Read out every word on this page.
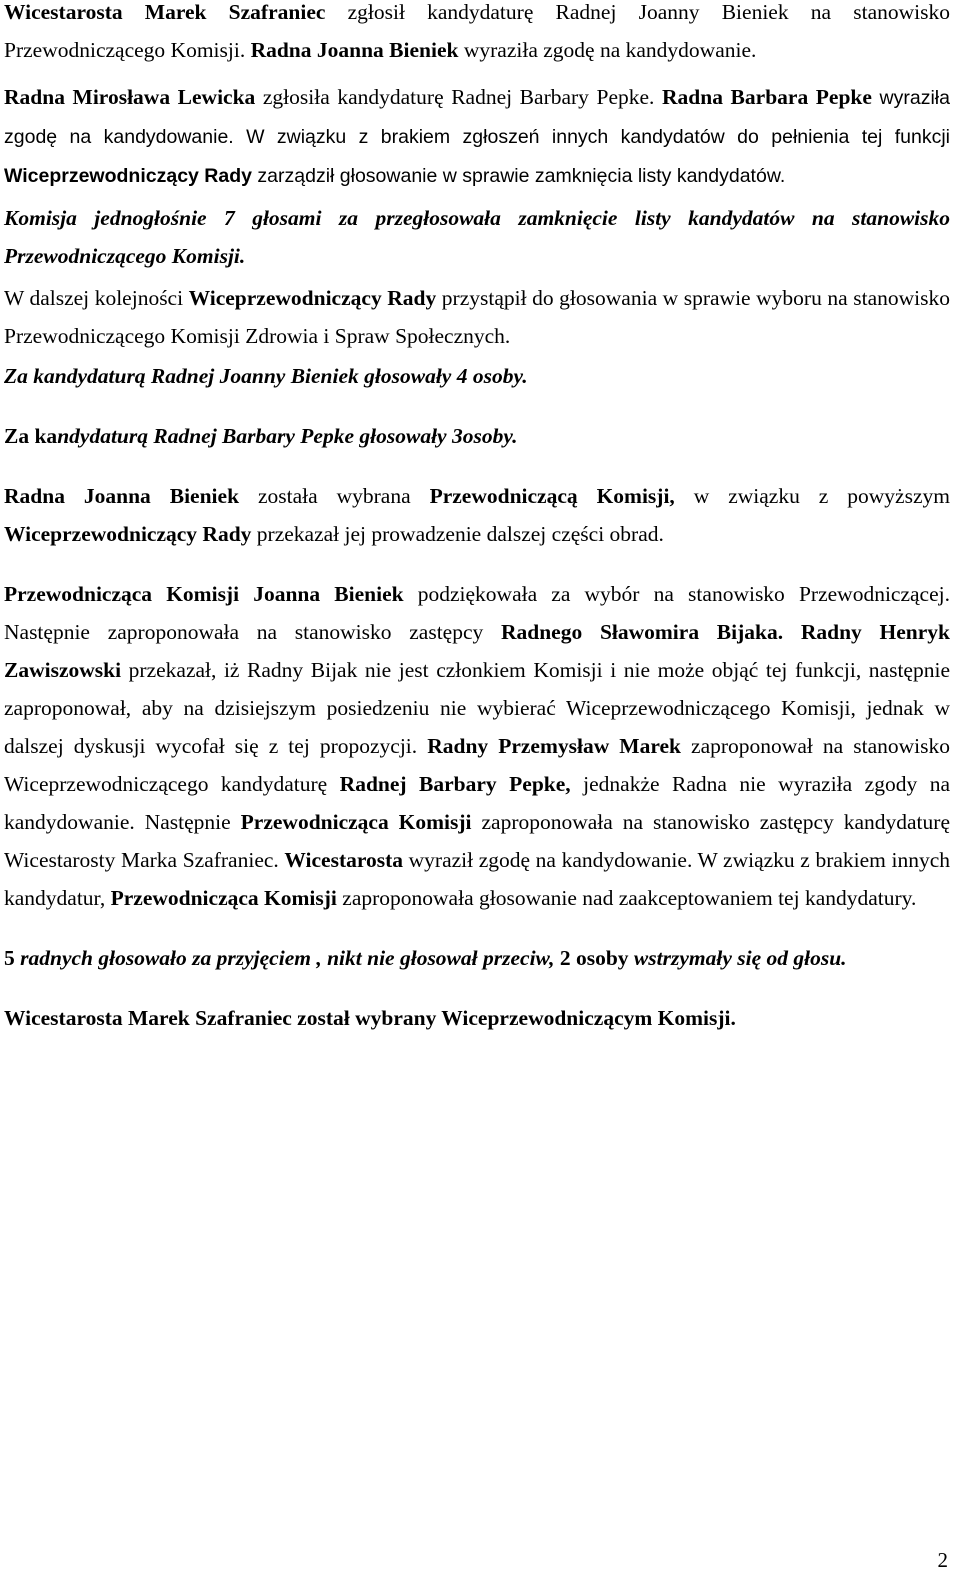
Wicestarosta Marek Szafraniec zgłosił kandydaturę Radnej Joanny Bieniek na stanowisko Przewodniczącego Komisji. Radna Joanna Bieniek wyraziła zgodę na kandydowanie.

Radna Mirosława Lewicka zgłosiła kandydaturę Radnej Barbary Pepke. Radna Barbara Pepke wyraziła zgodę na kandydowanie. W związku z brakiem zgłoszeń innych kandydatów do pełnienia tej funkcji Wiceprzewodniczący Rady zarządził głosowanie w sprawie zamknięcia listy kandydatów.

Komisja jednogłośnie 7 głosami za przegłosowała zamknięcie listy kandydatów na stanowisko Przewodniczącego Komisji.

W dalszej kolejności Wiceprzewodniczący Rady przystąpił do głosowania w sprawie wyboru na stanowisko Przewodniczącego Komisji Zdrowia i Spraw Społecznych.

Za kandydaturą Radnej Joanny Bieniek głosowały 4 osoby.

Za kandydaturą Radnej Barbary Pepke głosowały 3osoby.

Radna Joanna Bieniek została wybrana Przewodniczącą Komisji, w związku z powyższym Wiceprzewodniczący Rady przekazał jej prowadzenie dalszej części obrad.

Przewodnicząca Komisji Joanna Bieniek podziękowała za wybór na stanowisko Przewodniczącej. Następnie zaproponowała na stanowisko zastępcy Radnego Sławomira Bijaka. Radny Henryk Zawiszowski przekazał, iż Radny Bijak nie jest członkiem Komisji i nie może objąć tej funkcji, następnie zaproponował, aby na dzisiejszym posiedzeniu nie wybierać Wiceprzewodniczącego Komisji, jednak w dalszej dyskusji wycofał się z tej propozycji. Radny Przemysław Marek zaproponował na stanowisko Wiceprzewodniczącego kandydaturę Radnej Barbary Pepke, jednakże Radna nie wyraziła zgody na kandydowanie. Następnie Przewodnicząca Komisji zaproponowała na stanowisko zastępcy kandydaturę Wicestarosty Marka Szafraniec. Wicestarosta wyraził zgodę na kandydowanie. W związku z brakiem innych kandydatur, Przewodnicząca Komisji zaproponowała głosowanie nad zaakceptowaniem tej kandydatury.

5 radnych głosowało za przyjęciem , nikt nie głosował przeciw, 2 osoby wstrzymały się od głosu.

Wicestarosta Marek Szafraniec został wybrany Wiceprzewodniczącym Komisji.

2
